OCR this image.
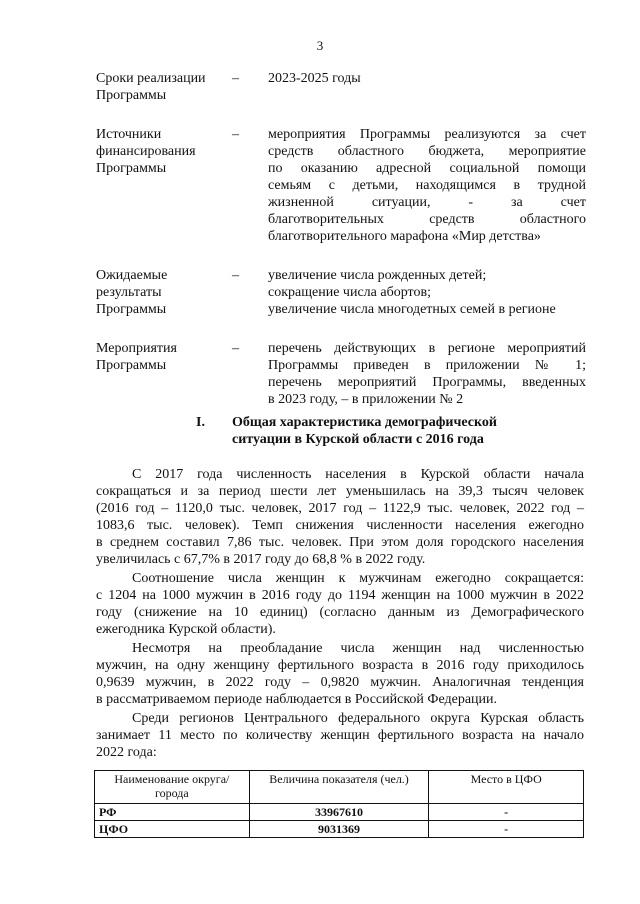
3
Сроки реализации
Программы
–	2023-2025 годы
Источники
финансирования
Программы
–	мероприятия Программы реализуются за счет
средств областного бюджета, мероприятие
по оказанию адресной социальной помощи
семьям с детьми, находящимся в трудной
жизненной ситуации, - за счет
благотворительных средств областного
благотворительного марафона «Мир детства»
Ожидаемые
результаты
Программы
–	увеличение числа рожденных детей;
сокращение числа абортов;
увеличение числа многодетных семей в регионе
Мероприятия
Программы
–	перечень действующих в регионе мероприятий
Программы приведен в приложении № 1;
перечень мероприятий Программы, введенных
в 2023 году, – в приложении № 2
I.	Общая характеристика демографической
ситуации в Курской области с 2016 года
С 2017 года численность населения в Курской области начала
сокращаться и за период шести лет уменьшилась на 39,3 тысяч человек
(2016 год – 1120,0 тыс. человек, 2017 год – 1122,9 тыс. человек, 2022 год –
1083,6 тыс. человек). Темп снижения численности населения ежегодно
в среднем составил 7,86 тыс. человек. При этом доля городского населения
увеличилась с 67,7% в 2017 году до 68,8 % в 2022 году.
Соотношение числа женщин к мужчинам ежегодно сокращается:
с 1204 на 1000 мужчин в 2016 году до 1194 женщин на 1000 мужчин в 2022
году (снижение на 10 единиц) (согласно данным из Демографического
ежегодника Курской области).
Несмотря на преобладание числа женщин над численностью
мужчин, на одну женщину фертильного возраста в 2016 году приходилось
0,9639 мужчин, в 2022 году – 0,9820 мужчин. Аналогичная тенденция
в рассматриваемом периоде наблюдается в Российской Федерации.
Среди регионов Центрального федерального округа Курская область
занимает 11 место по количеству женщин фертильного возраста на начало
2022 года:
Наименование округа/города	Величина показателя (чел.)	Место в ЦФО
РФ	33967610	-
ЦФО	9031369	-
